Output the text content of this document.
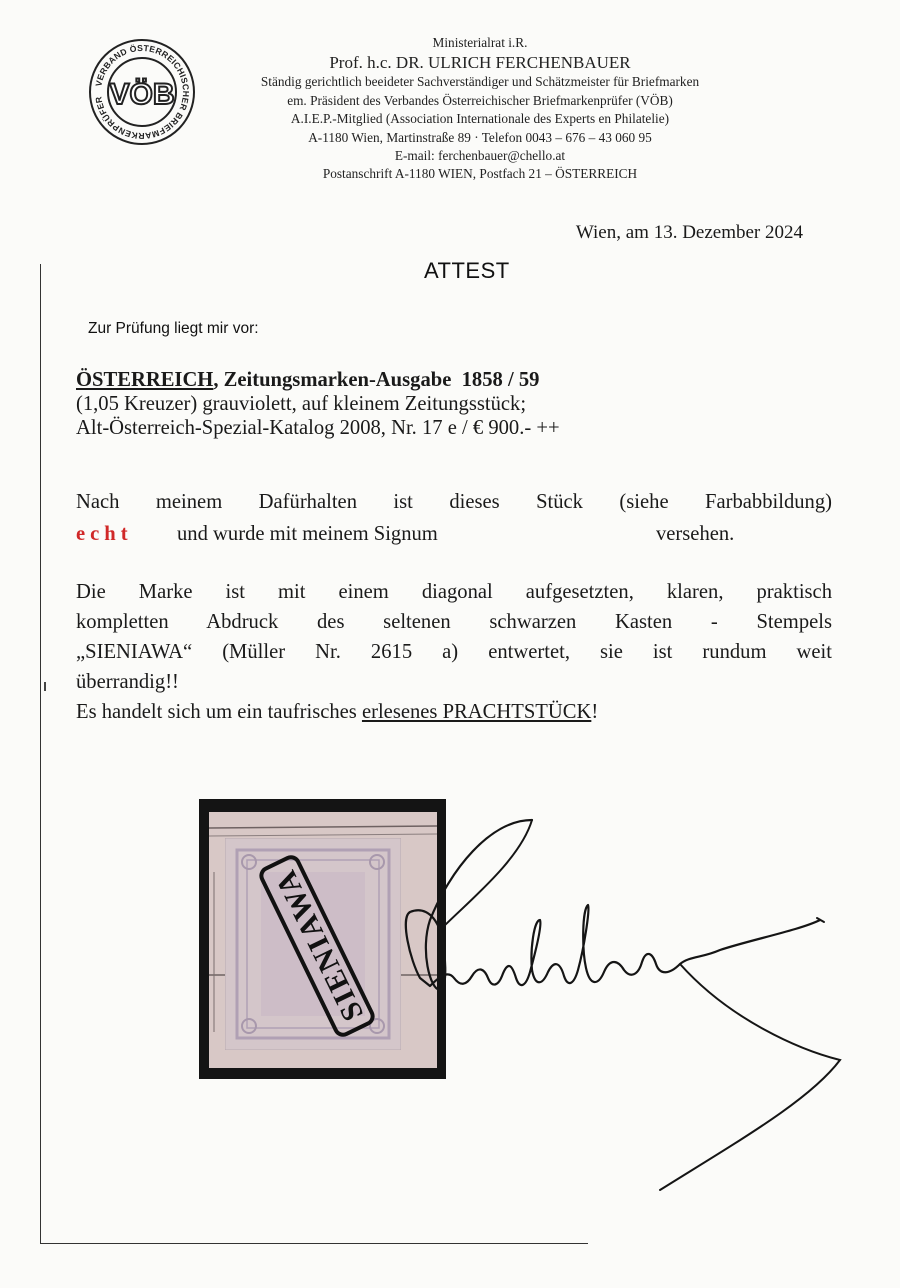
VERBAND ÖSTERREICHISCHER BRIEFMARKENPRÜFER VÖB
Ministerialrat i.R.
Prof. h.c. DR. ULRICH FERCHENBAUER
Ständig gerichtlich beeideter Sachverständiger und Schätzmeister für Briefmarken
em. Präsident des Verbandes Österreichischer Briefmarkenprüfer (VÖB)
A.I.E.P.-Mitglied (Association Internationale des Experts en Philatelie)
A-1180 Wien, Martinstraße 89 · Telefon 0043 – 676 – 43 060 95
E-mail: ferchenbauer@chello.at
Postanschrift A-1180 WIEN, Postfach 21 – ÖSTERREICH
Wien, am 13. Dezember 2024
ATTEST
Zur Prüfung liegt mir vor:
ÖSTERREICH, Zeitungsmarken-Ausgabe  1858 / 59
(1,05 Kreuzer) grauviolett, auf kleinem Zeitungsstück;
Alt-Österreich-Spezial-Katalog 2008, Nr. 17 e / € 900.- ++
Nach meinem Dafürhalten ist dieses Stück (siehe Farbabbildung)
echt und wurde mit meinem Signum	versehen.
Die Marke ist mit einem diagonal aufgesetzten, klaren, praktisch
kompletten Abdruck des seltenen schwarzen Kasten - Stempels
„SIENIAWA“ (Müller Nr. 2615 a) entwertet, sie ist rundum weit
überrandig!!
Es handelt sich um ein taufrisches erlesenes PRACHTSTÜCK!
SIENIAWA
